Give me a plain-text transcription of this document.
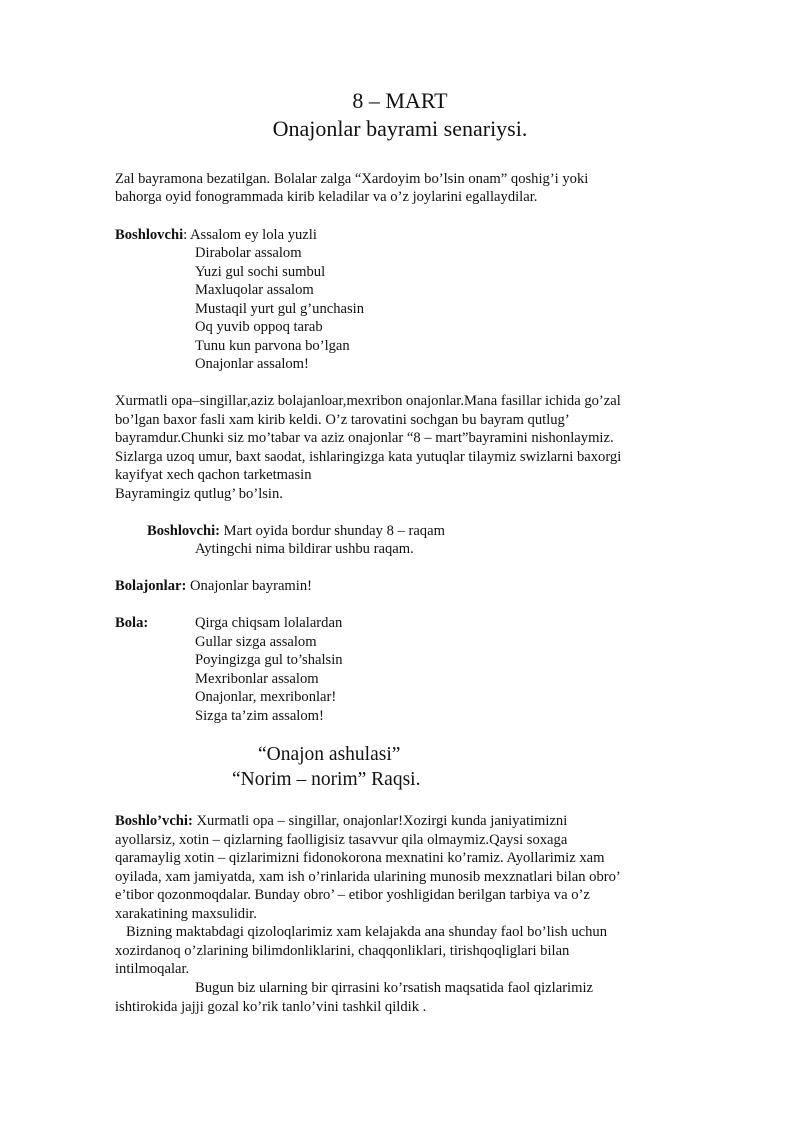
8 – MART
Onajonlar bayrami senariysi.
Zal bayramona bezatilgan. Bolalar zalga “Xardoyim bo’lsin onam” qoshig’i yoki
bahorga oyid fonogrammada kirib keladilar va o’z joylarini egallaydilar.
Boshlovchi: Assalom ey lola yuzli
Dirabolar assalom
Yuzi gul sochi sumbul
Maxluqolar assalom
Mustaqil yurt gul g’unchasin
Oq yuvib oppoq tarab
Tunu kun parvona bo’lgan
Onajonlar assalom!
Xurmatli opa–singillar,aziz bolajanloar,mexribon onajonlar.Mana fasillar ichida go’zal
bo’lgan baxor fasli xam kirib keldi. O’z tarovatini sochgan bu bayram qutlug’
bayramdur.Chunki siz mo’tabar va aziz onajonlar “8 – mart”bayramini nishonlaymiz.
Sizlarga uzoq umur, baxt saodat, ishlaringizga kata yutuqlar tilaymiz swizlarni baxorgi
kayifyat xech qachon tarketmasin
Bayramingiz qutlug’ bo’lsin.
Boshlovchi: Mart oyida bordur shunday 8 – raqam
Aytingchi nima bildirar ushbu raqam.
Bolajonlar: Onajonlar bayramin!
Bola:	Qirga chiqsam lolalardan
Gullar sizga assalom
Poyingizga gul to’shalsin
Mexribonlar assalom
Onajonlar, mexribonlar!
Sizga ta’zim assalom!
“Onajon ashulasi”
“Norim – norim” Raqsi.
Boshlo’vchi: Xurmatli opa – singillar, onajonlar!Xozirgi kunda janiyatimizni
ayollarsiz, xotin – qizlarning faolligisiz tasavvur qila olmaymiz.Qaysi soxaga
qaramaylig xotin – qizlarimizni fidonokorona mexnatini ko’ramiz. Ayollarimiz xam
oyilada, xam jamiyatda, xam ish o’rinlarida ularining munosib mexznatlari bilan obro’
e’tibor qozonmoqdalar. Bunday obro’ – etibor yoshligidan berilgan tarbiya va o’z
xarakatining maxsulidir.
Bizning maktabdagi qizoloqlarimiz xam kelajakda ana shunday faol bo’lish uchun
xozirdanoq o’zlarining bilimdonliklarini, chaqqonliklari, tirishqoqliglari bilan
intilmoqalar.
Bugun biz ularning bir qirrasini ko’rsatish maqsatida faol qizlarimiz
ishtirokida jajji gozal ko’rik tanlo’vini tashkil qildik .
